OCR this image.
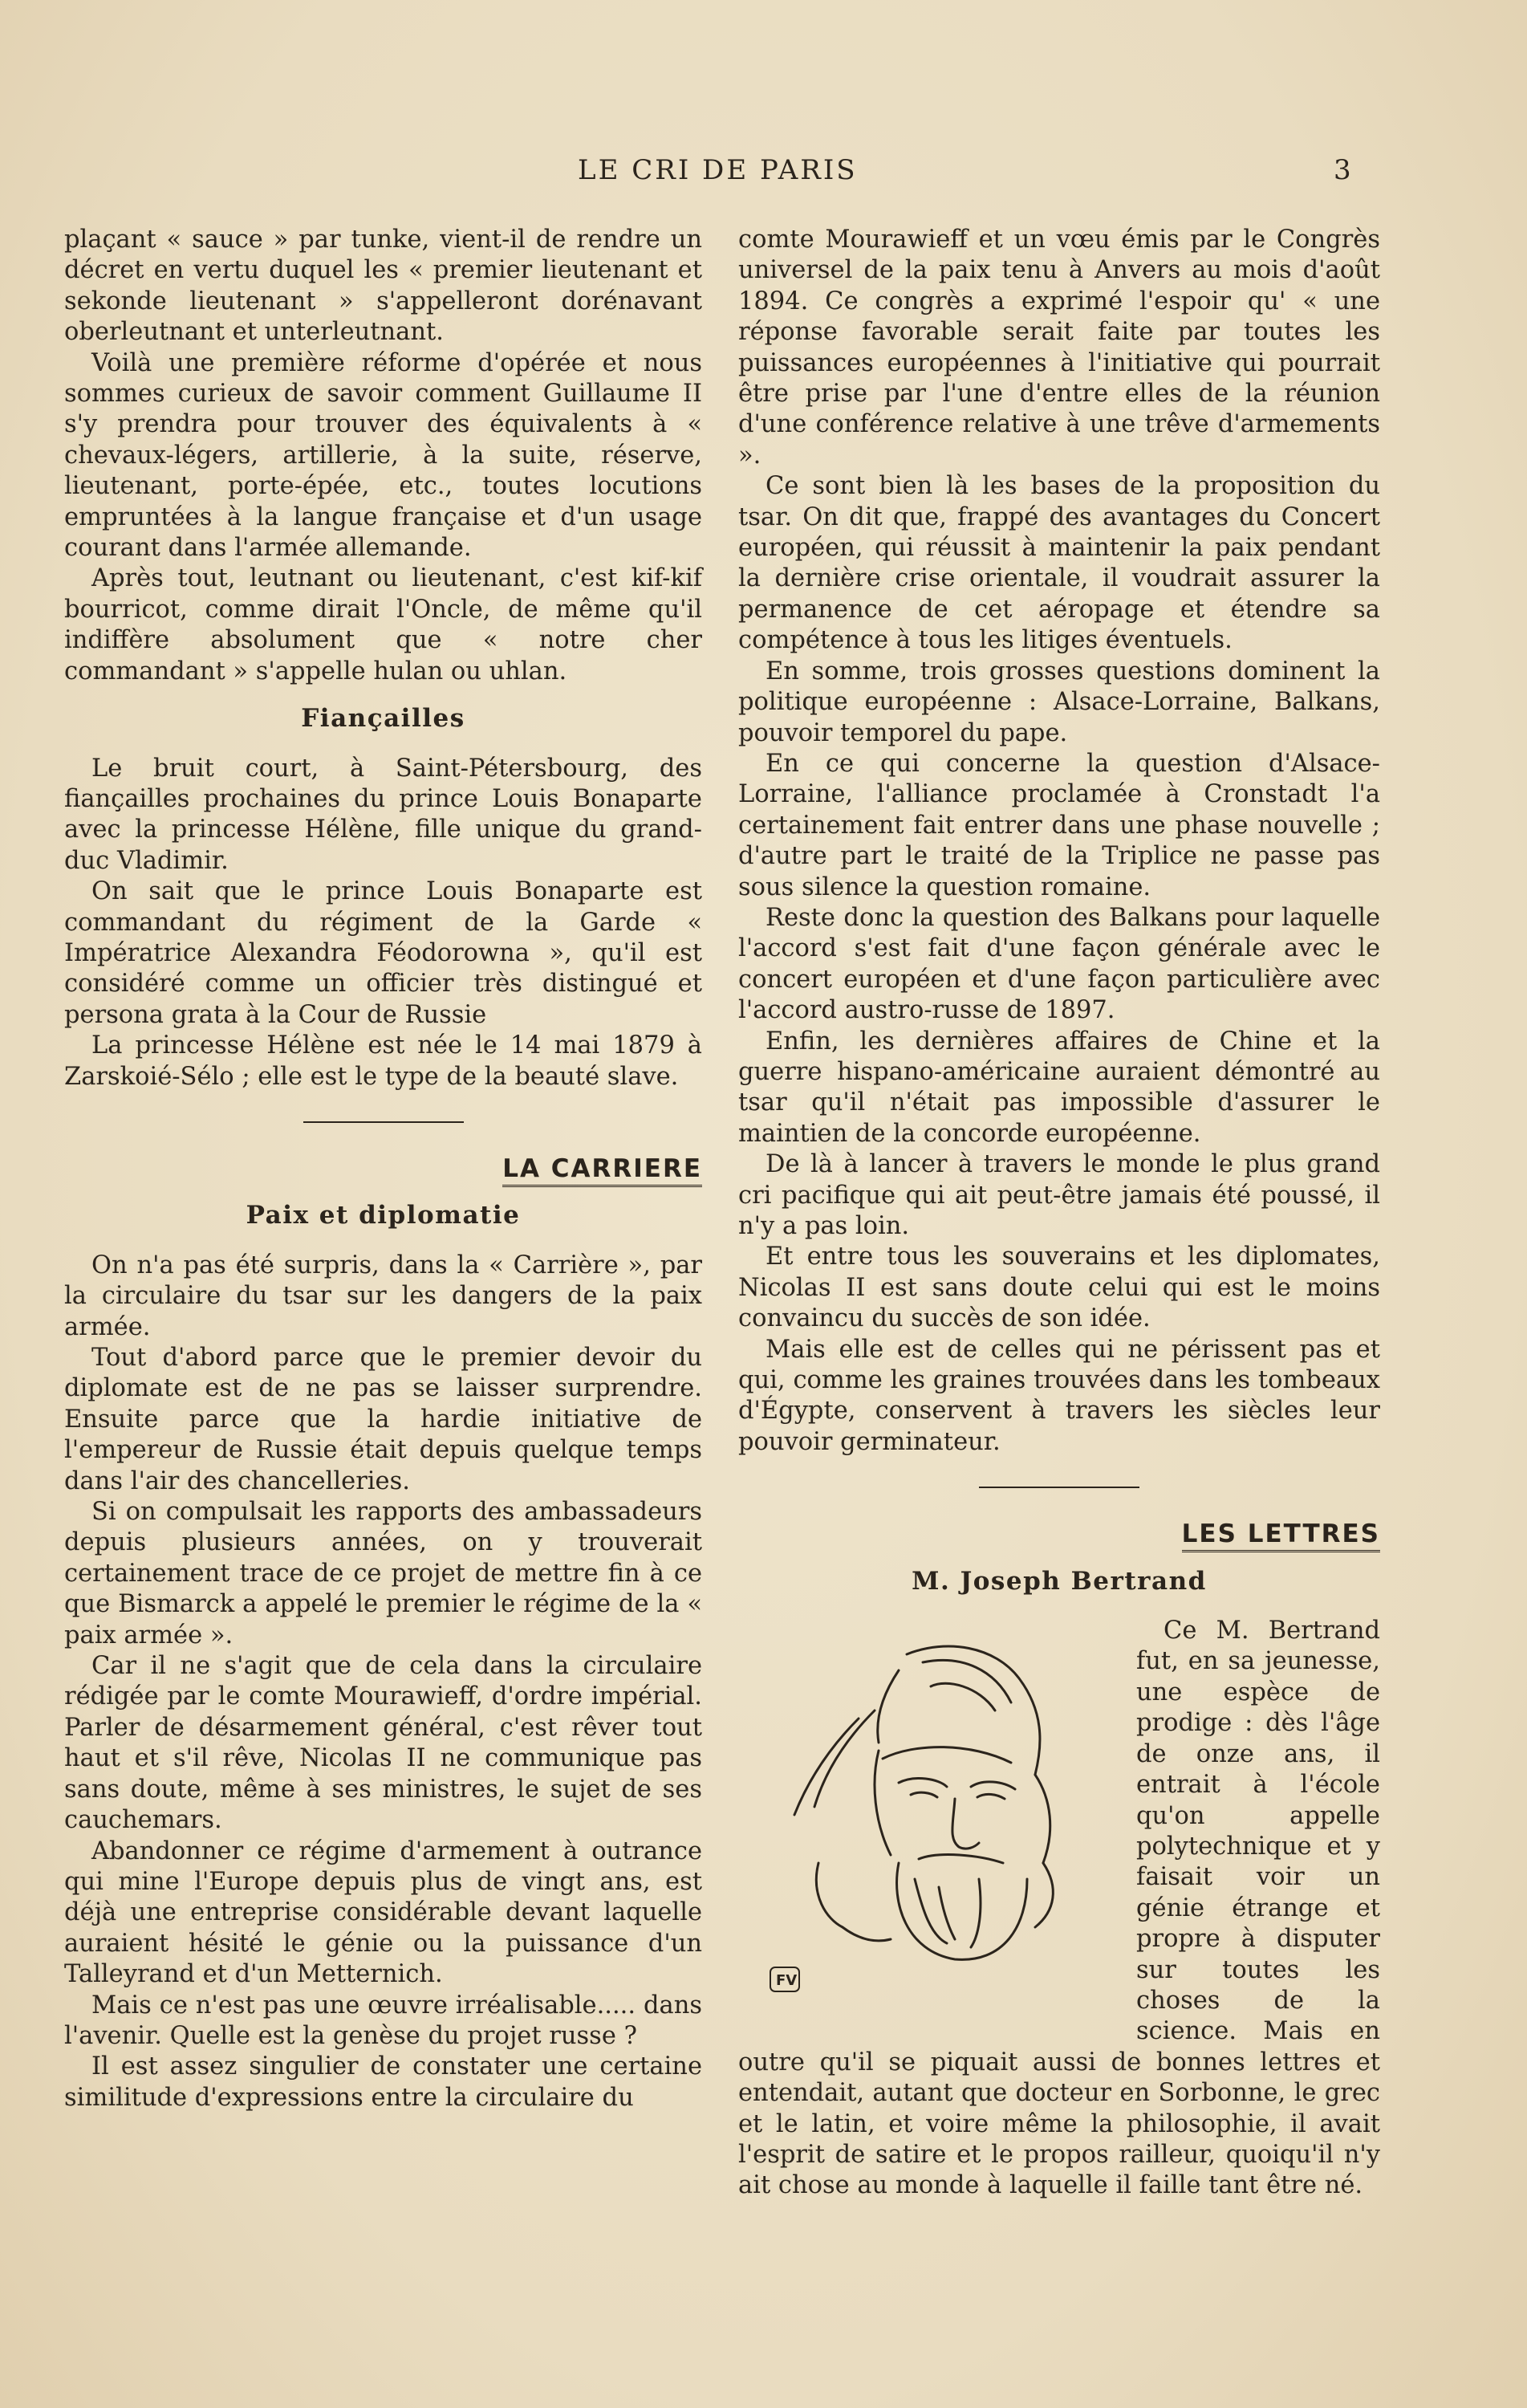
LE CRI DE PARIS	3

plaçant « sauce » par tunke, vient-il de rendre un décret en vertu duquel les « premier lieutenant et sekonde lieutenant » s'appelleront dorénavant oberleutnant et unterleutnant.

Voilà une première réforme d'opérée et nous sommes curieux de savoir comment Guillaume II s'y prendra pour trouver des équivalents à « chevaux-légers, artillerie, à la suite, réserve, lieutenant, porte-épée, etc., toutes locutions empruntées à la langue française et d'un usage courant dans l'armée allemande.

Après tout, leutnant ou lieutenant, c'est kif-kif bourricot, comme dirait l'Oncle, de même qu'il indiffère absolument que « notre cher commandant » s'appelle hulan ou uhlan.

Fiançailles

Le bruit court, à Saint-Pétersbourg, des fiançailles prochaines du prince Louis Bonaparte avec la princesse Hélène, fille unique du grand-duc Vladimir.

On sait que le prince Louis Bonaparte est commandant du régiment de la Garde « Impératrice Alexandra Féodorowna », qu'il est considéré comme un officier très distingué et persona grata à la Cour de Russie

La princesse Hélène est née le 14 mai 1879 à Zarskoié-Sélo ; elle est le type de la beauté slave.

LA CARRIERE
Paix et diplomatie

On n'a pas été surpris, dans la « Carrière », par la circulaire du tsar sur les dangers de la paix armée.

Tout d'abord parce que le premier devoir du diplomate est de ne pas se laisser surprendre. Ensuite parce que la hardie initiative de l'empereur de Russie était depuis quelque temps dans l'air des chancelleries.

Si on compulsait les rapports des ambassadeurs depuis plusieurs années, on y trouverait certainement trace de ce projet de mettre fin à ce que Bismarck a appelé le premier le régime de la « paix armée ».

Car il ne s'agit que de cela dans la circulaire rédigée par le comte Mourawieff, d'ordre impérial. Parler de désarmement général, c'est rêver tout haut et s'il rêve, Nicolas II ne communique pas sans doute, même à ses ministres, le sujet de ses cauchemars.

Abandonner ce régime d'armement à outrance qui mine l'Europe depuis plus de vingt ans, est déjà une entreprise considérable devant laquelle auraient hésité le génie ou la puissance d'un Talleyrand et d'un Metternich.

Mais ce n'est pas une œuvre irréalisable..... dans l'avenir. Quelle est la genèse du projet russe ?

Il est assez singulier de constater une certaine similitude d'expressions entre la circulaire du

comte Mourawieff et un vœu émis par le Congrès universel de la paix tenu à Anvers au mois d'août 1894. Ce congrès a exprimé l'espoir qu' « une réponse favorable serait faite par toutes les puissances européennes à l'initiative qui pourrait être prise par l'une d'entre elles de la réunion d'une conférence relative à une trêve d'armements ».

Ce sont bien là les bases de la proposition du tsar. On dit que, frappé des avantages du Concert européen, qui réussit à maintenir la paix pendant la dernière crise orientale, il voudrait assurer la permanence de cet aéropage et étendre sa compétence à tous les litiges éventuels.

En somme, trois grosses questions dominent la politique européenne : Alsace-Lorraine, Balkans, pouvoir temporel du pape.

En ce qui concerne la question d'Alsace-Lorraine, l'alliance proclamée à Cronstadt l'a certainement fait entrer dans une phase nouvelle ; d'autre part le traité de la Triplice ne passe pas sous silence la question romaine.

Reste donc la question des Balkans pour laquelle l'accord s'est fait d'une façon générale avec le concert européen et d'une façon particulière avec l'accord austro-russe de 1897.

Enfin, les dernières affaires de Chine et la guerre hispano-américaine auraient démontré au tsar qu'il n'était pas impossible d'assurer le maintien de la concorde européenne.

De là à lancer à travers le monde le plus grand cri pacifique qui ait peut-être jamais été poussé, il n'y a pas loin.

Et entre tous les souverains et les diplomates, Nicolas II est sans doute celui qui est le moins convaincu du succès de son idée.

Mais elle est de celles qui ne périssent pas et qui, comme les graines trouvées dans les tombeaux d'Égypte, conservent à travers les siècles leur pouvoir germinateur.

LES LETTRES
M. Joseph Bertrand
FV

Ce M. Bertrand fut, en sa jeunesse, une espèce de prodige : dès l'âge de onze ans, il entrait à l'école qu'on appelle polytechnique et y faisait voir un génie étrange et propre à disputer sur toutes les choses de la science. Mais en outre qu'il se piquait aussi de bonnes lettres et entendait, autant que docteur en Sorbonne, le grec et le latin, et voire même la philosophie, il avait l'esprit de satire et le propos railleur, quoiqu'il n'y ait chose au monde à laquelle il faille tant être né.
